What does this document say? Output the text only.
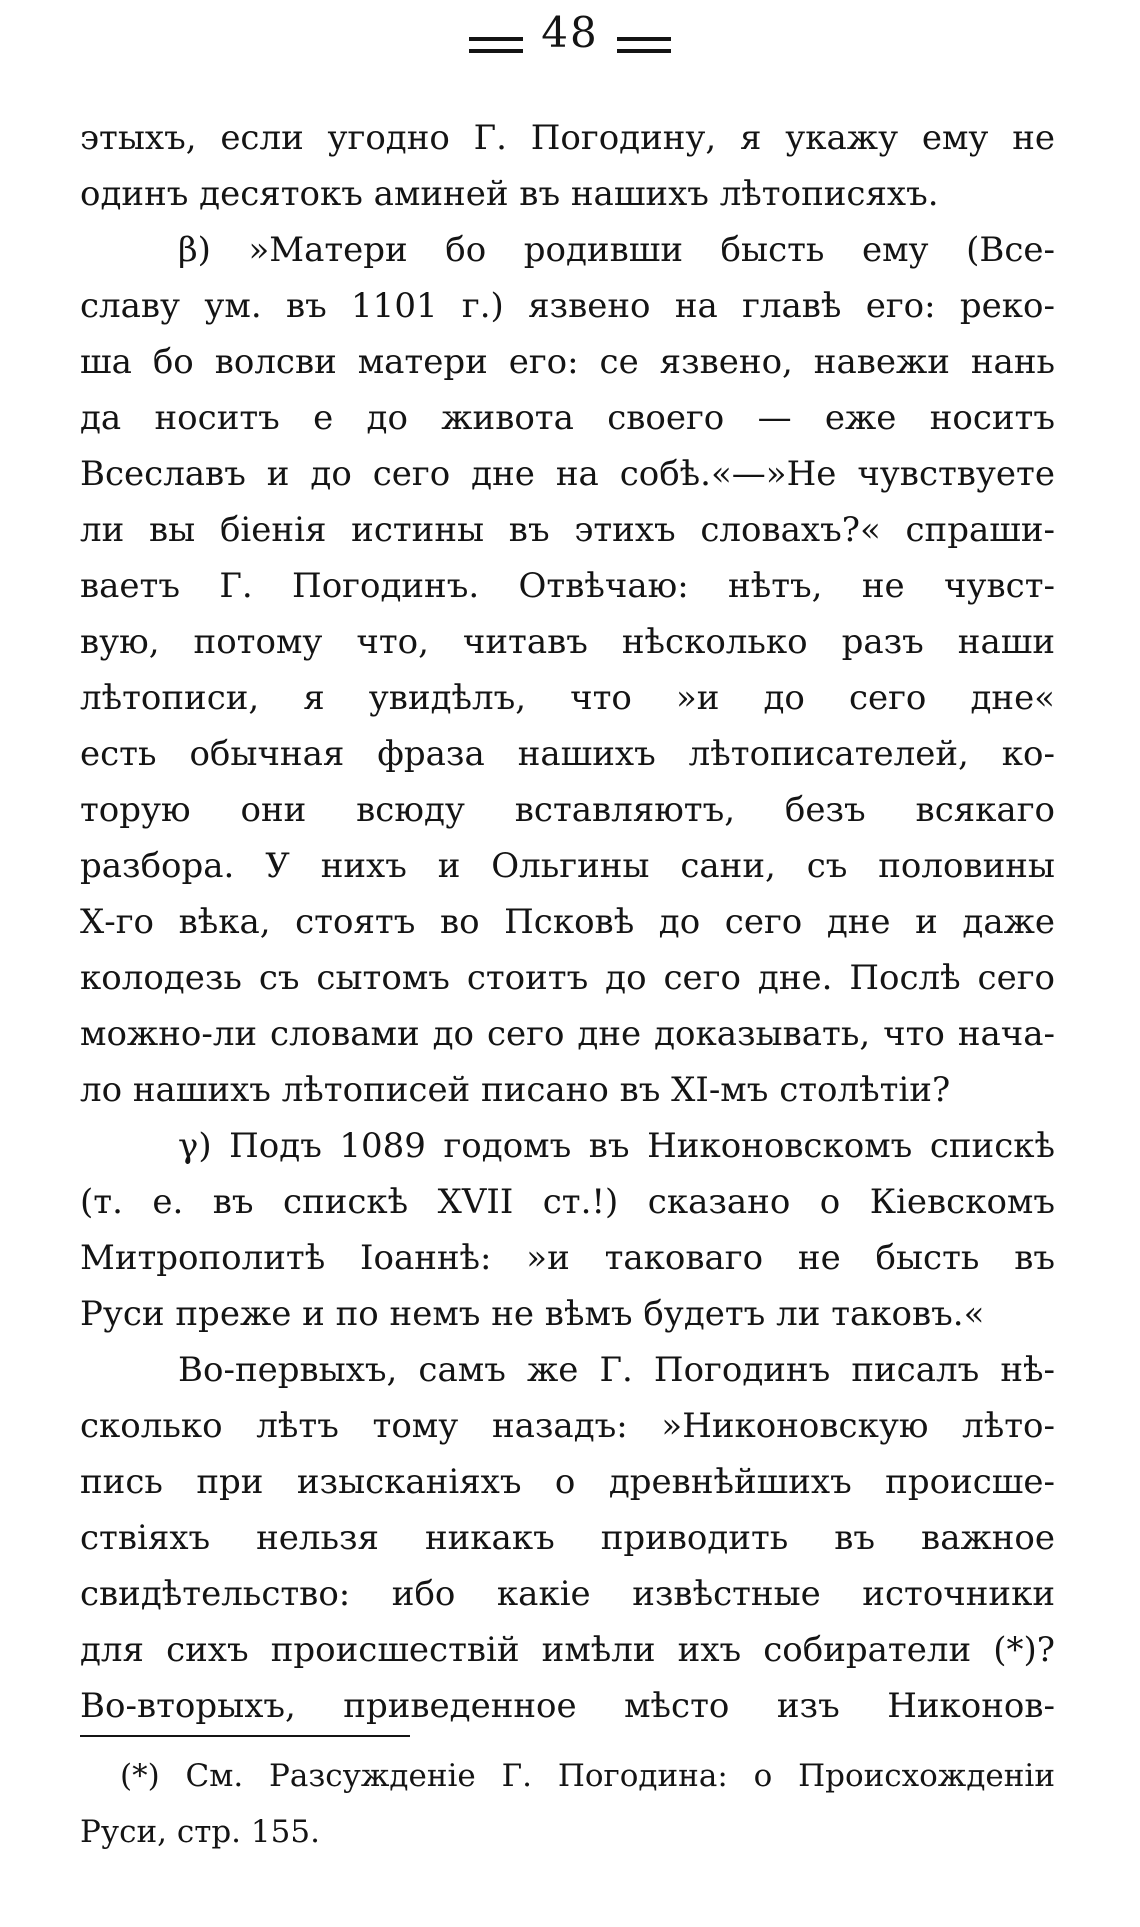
48
этыхъ, если угодно Г. Погодину, я укажу ему не
одинъ десятокъ аминей въ нашихъ лѣтописяхъ.
β) »Матери бо родивши бысть ему (Все-
славу ум. въ 1101 г.) язвено на главѣ его: реко-
ша бо волсви матери его: се язвено, навежи нань
да носитъ е до живота своего — еже носитъ
Всеславъ и до сего дне на собѣ.«—»Не чувствуете
ли вы біенія истины въ этихъ словахъ?« спраши-
ваетъ Г. Погодинъ. Отвѣчаю: нѣтъ, не чувст-
вую, потому что, читавъ нѣсколько разъ наши
лѣтописи, я увидѣлъ, что »и до сего дне«
есть обычная фраза нашихъ лѣтописателей, ко-
торую они всюду вставляютъ, безъ всякаго
разбора. У нихъ и Ольгины сани, съ половины
Х-го вѣка, стоятъ во Псковѣ до сего дне и даже
колодезь съ сытомъ стоитъ до сего дне. Послѣ сего
можно-ли словами до сего дне доказывать, что нача-
ло нашихъ лѣтописей писано въ XI-мъ столѣтіи?
γ) Подъ 1089 годомъ въ Никоновскомъ спискѣ
(т. е. въ спискѣ XVII ст.!) сказано о Кіевскомъ
Митрополитѣ Іоаннѣ: »и таковаго не бысть въ
Руси преже и по немъ не вѣмъ будетъ ли таковъ.«
Во-первыхъ, самъ же Г. Погодинъ писалъ нѣ-
сколько лѣтъ тому назадъ: »Никоновскую лѣто-
пись при изысканіяхъ о древнѣйшихъ происше-
ствіяхъ нельзя никакъ приводить въ важное
свидѣтельство: ибо какіе извѣстные источники
для сихъ происшествій имѣли ихъ собиратели (*)?
Во-вторыхъ, приведенное мѣсто изъ Никонов-
(*) См. Разсужденіе Г. Погодина: о Происхожденіи
Руси, стр. 155.
